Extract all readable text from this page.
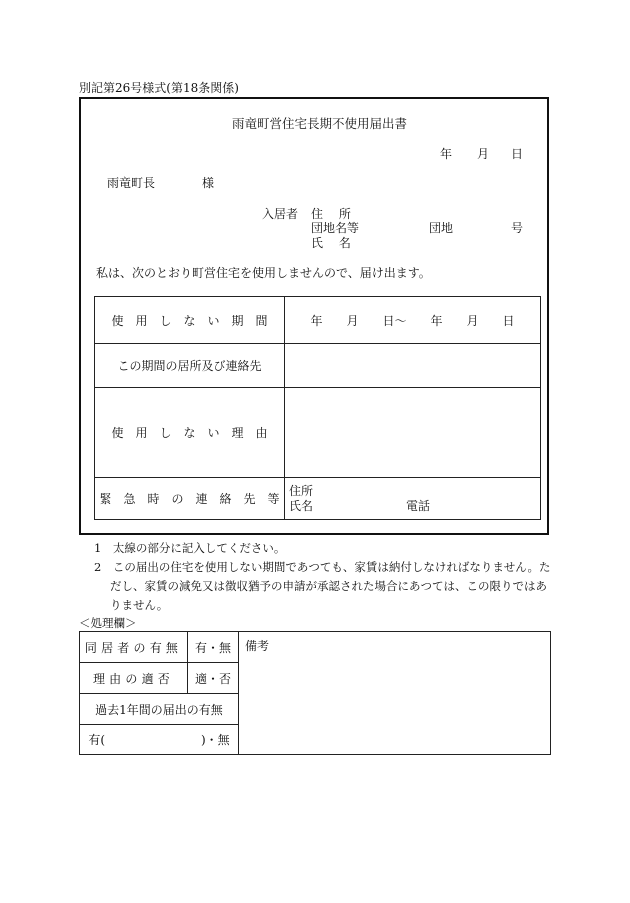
別記第26号様式(第18条関係)
雨竜町営住宅長期不使用届出書
年 月 日
雨竜町長	様
入居者 住　 所
団地名等	団地	号
氏　 名
私は、次のとおり町営住宅を使用しませんので、届け出ます。
使　用　し　な　い　期　間	年　　月　　日～　　年　　月　　日
この期間の居所及び連絡先	
使　用　し　な　い　理　由	
緊　急　時　の　連　絡　先　等	住所
氏名 電話
1　太線の部分に記入してください。
2　この届出の住宅を使用しない期間であつても、家賃は納付しなければなりません。た
だし、家賃の減免又は徴収猶予の申請が承認された場合にあつては、この限りではあ
りません。
＜処理欄＞
同居者の有無	有・無	備考
理由の適否	適・否	
過去1年間の届出の有無		
有(　　　　　　　　)・無		
